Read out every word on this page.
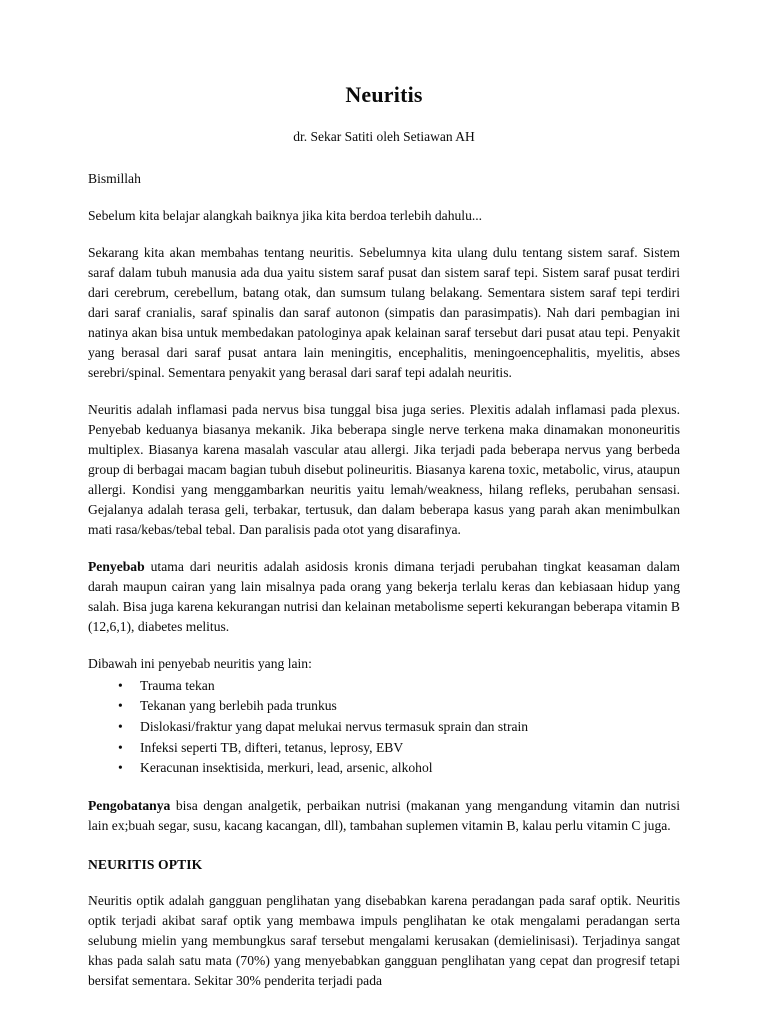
Neuritis

dr. Sekar Satiti oleh Setiawan AH

Bismillah

Sebelum kita belajar alangkah baiknya jika kita berdoa terlebih dahulu...

Sekarang kita akan membahas tentang neuritis. Sebelumnya kita ulang dulu tentang sistem saraf. Sistem saraf dalam tubuh manusia ada dua yaitu sistem saraf pusat dan sistem saraf tepi. Sistem saraf pusat terdiri dari cerebrum, cerebellum, batang otak, dan sumsum tulang belakang. Sementara sistem saraf tepi terdiri dari saraf cranialis, saraf spinalis dan saraf autonon (simpatis dan parasimpatis). Nah dari pembagian ini natinya akan bisa untuk membedakan patologinya apak kelainan saraf tersebut dari pusat atau tepi. Penyakit yang berasal dari saraf pusat antara lain meningitis, encephalitis, meningoencephalitis, myelitis, abses serebri/spinal. Sementara penyakit yang berasal dari saraf tepi adalah neuritis.

Neuritis adalah inflamasi pada nervus bisa tunggal bisa juga series. Plexitis adalah inflamasi pada plexus. Penyebab keduanya biasanya mekanik. Jika beberapa single nerve terkena maka dinamakan mononeuritis multiplex. Biasanya karena masalah vascular atau allergi. Jika terjadi pada beberapa nervus yang berbeda group di berbagai macam bagian tubuh disebut polineuritis. Biasanya karena toxic, metabolic, virus, ataupun allergi. Kondisi yang menggambarkan neuritis yaitu lemah/weakness, hilang refleks, perubahan sensasi. Gejalanya adalah terasa geli, terbakar, tertusuk, dan dalam beberapa kasus yang parah akan menimbulkan mati rasa/kebas/tebal tebal. Dan paralisis pada otot yang disarafinya.

Penyebab utama dari neuritis adalah asidosis kronis dimana terjadi perubahan tingkat keasaman dalam darah maupun cairan yang lain misalnya pada orang yang bekerja terlalu keras dan kebiasaan hidup yang salah. Bisa juga karena kekurangan nutrisi dan kelainan metabolisme seperti kekurangan beberapa vitamin B (12,6,1), diabetes melitus.

Dibawah ini penyebab neuritis yang lain:

• Trauma tekan
• Tekanan yang berlebih pada trunkus
• Dislokasi/fraktur yang dapat melukai nervus termasuk sprain dan strain
• Infeksi seperti TB, difteri, tetanus, leprosy, EBV
• Keracunan insektisida, merkuri, lead, arsenic, alkohol

Pengobatanya bisa dengan analgetik, perbaikan nutrisi (makanan yang mengandung vitamin dan nutrisi lain ex;buah segar, susu, kacang kacangan, dll), tambahan suplemen vitamin B, kalau perlu vitamin C juga.

NEURITIS OPTIK

Neuritis optik adalah gangguan penglihatan yang disebabkan karena peradangan pada saraf optik. Neuritis optik terjadi akibat saraf optik yang membawa impuls penglihatan ke otak mengalami peradangan serta selubung mielin yang membungkus saraf tersebut mengalami kerusakan (demielinisasi). Terjadinya sangat khas pada salah satu mata (70%) yang menyebabkan gangguan penglihatan yang cepat dan progresif tetapi bersifat sementara. Sekitar 30% penderita terjadi pada
